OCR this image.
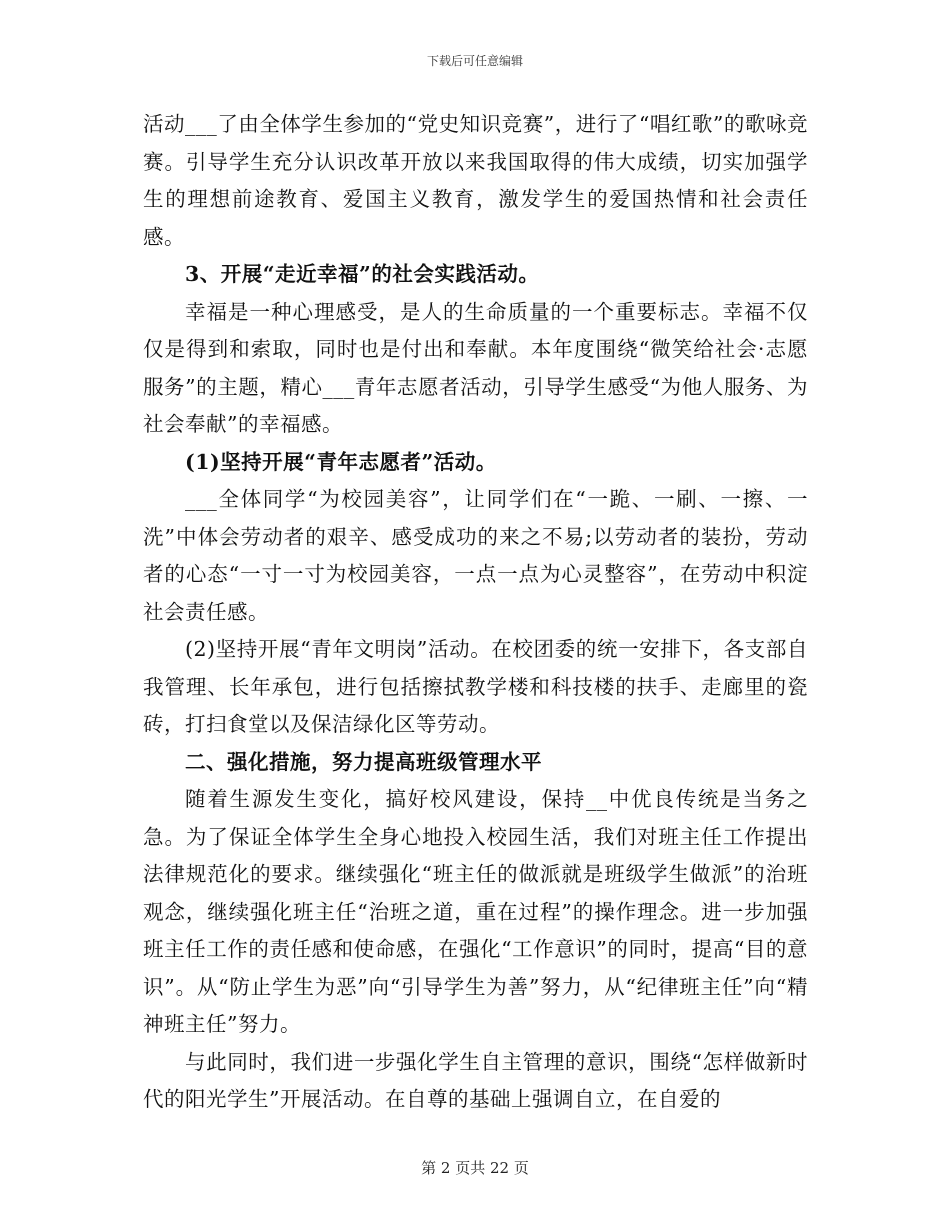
下载后可任意编辑

活动___了由全体学生参加的“党史知识竞赛”，进行了“唱红歌”的歌咏竞赛。引导学生充分认识改革开放以来我国取得的伟大成绩，切实加强学生的理想前途教育、爱国主义教育，激发学生的爱国热情和社会责任感。

3、开展“走近幸福”的社会实践活动。

幸福是一种心理感受，是人的生命质量的一个重要标志。幸福不仅仅是得到和索取，同时也是付出和奉献。本年度围绕“微笑给社会·志愿服务”的主题，精心___青年志愿者活动，引导学生感受“为他人服务、为社会奉献”的幸福感。

(1)坚持开展“青年志愿者”活动。

___全体同学“为校园美容”，让同学们在“一跪、一刷、一擦、一洗”中体会劳动者的艰辛、感受成功的来之不易;以劳动者的装扮，劳动者的心态“一寸一寸为校园美容，一点一点为心灵整容”，在劳动中积淀社会责任感。

(2)坚持开展“青年文明岗”活动。在校团委的统一安排下，各支部自我管理、长年承包，进行包括擦拭教学楼和科技楼的扶手、走廊里的瓷砖，打扫食堂以及保洁绿化区等劳动。

二、强化措施，努力提高班级管理水平

随着生源发生变化，搞好校风建设，保持__中优良传统是当务之急。为了保证全体学生全身心地投入校园生活，我们对班主任工作提出法律规范化的要求。继续强化“班主任的做派就是班级学生做派”的治班观念，继续强化班主任“治班之道，重在过程”的操作理念。进一步加强班主任工作的责任感和使命感，在强化“工作意识”的同时，提高“目的意识”。从“防止学生为恶”向“引导学生为善”努力，从“纪律班主任”向“精神班主任”努力。

与此同时，我们进一步强化学生自主管理的意识，围绕“怎样做新时代的阳光学生”开展活动。在自尊的基础上强调自立，在自爱的

第 2 页共 22 页
